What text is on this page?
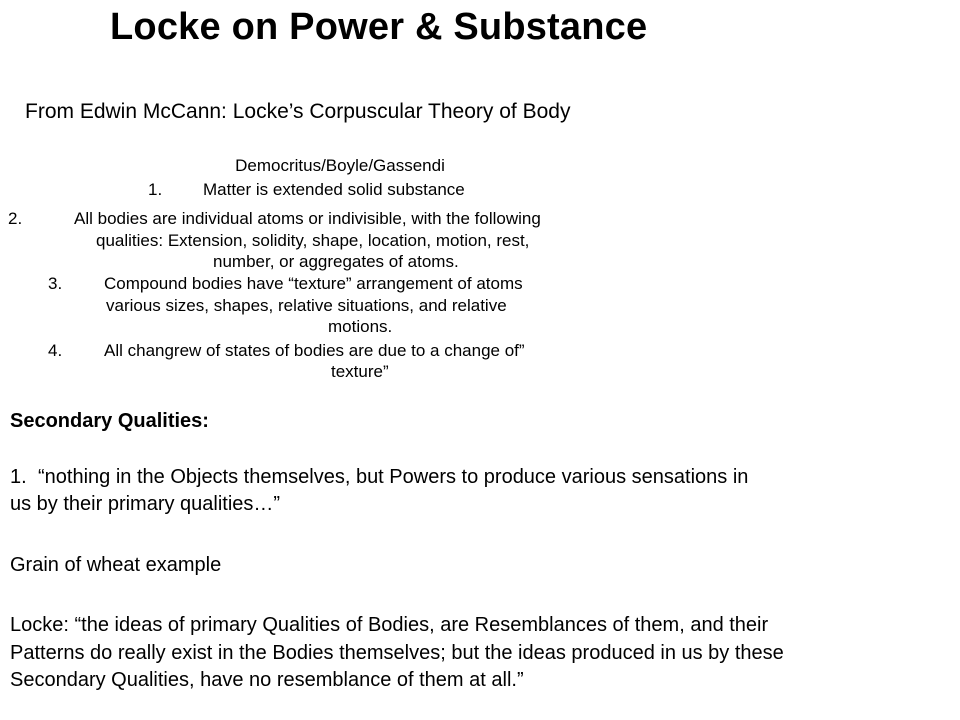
Locke on Power & Substance
From Edwin McCann: Locke’s Corpuscular Theory of Body
Democritus/Boyle/Gassendi
1. Matter is extended solid substance
2.	All bodies are individual atoms or indivisible, with the following
qualities: Extension, solidity, shape, location, motion, rest,
number, or aggregates of atoms.
3. Compound bodies have “texture” arrangement of atoms
various sizes, shapes, relative situations, and relative
motions.
4. All changrew of states of bodies are due to a change of”
texture”
Secondary Qualities:
1. “nothing in the Objects themselves, but Powers to produce various sensations in
us by their primary qualities…”
Grain of wheat example
Locke: “the ideas of primary Qualities of Bodies, are Resemblances of them, and their
Patterns do really exist in the Bodies themselves; but the ideas produced in us by these
Secondary Qualities, have no resemblance of them at all.”
